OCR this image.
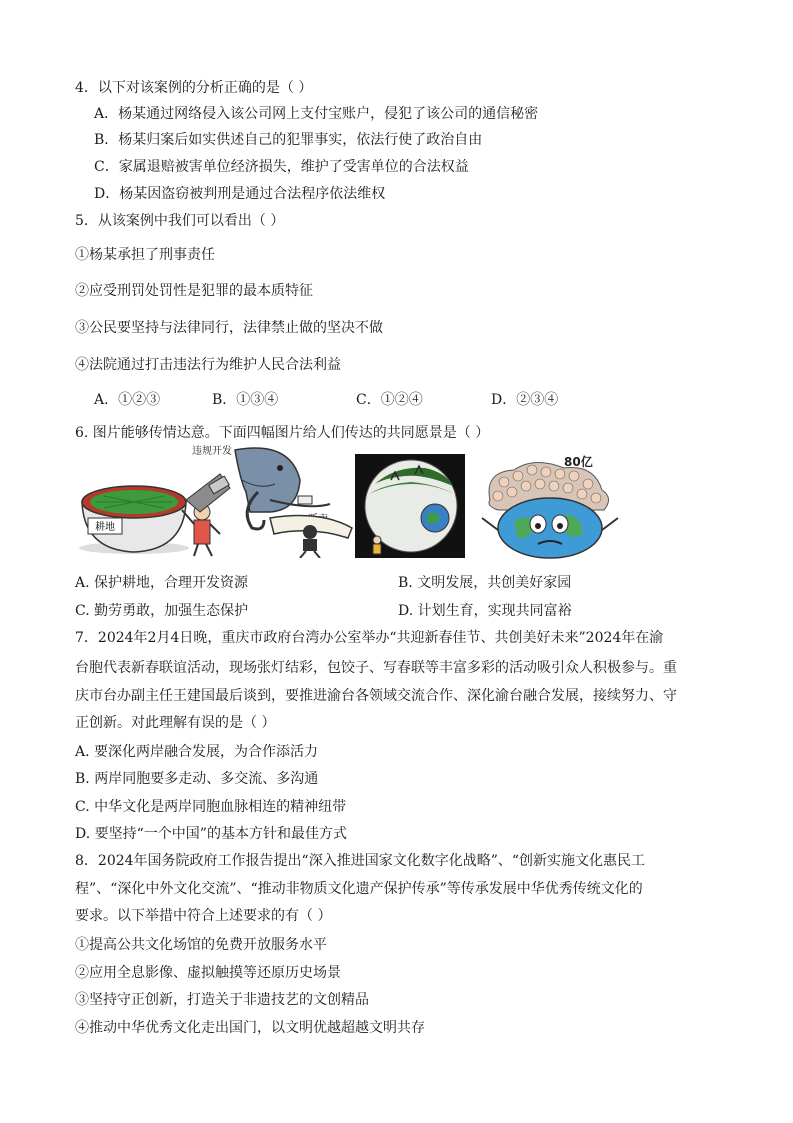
4．以下对该案例的分析正确的是（ ）
A．杨某通过网络侵入该公司网上支付宝账户，侵犯了该公司的通信秘密
B．杨某归案后如实供述自己的犯罪事实，依法行使了政治自由
C．家属退赔被害单位经济损失，维护了受害单位的合法权益
D．杨某因盗窃被判刑是通过合法程序依法维权
5．从该案例中我们可以看出（ ）
①杨某承担了刑事责任
②应受刑罚处罚性是犯罪的最本质特征
③公民要坚持与法律同行，法律禁止做的坚决不做
④法院通过打击违法行为维护人民合法利益
A．①②③	B．①③④	C．①②④	D．②③④
6. 图片能够传情达意。下面四幅图片给人们传达的共同愿景是（ ）
耕地
违规开发
80亿
A. 保护耕地，合理开发资源	B. 文明发展，共创美好家园
C. 勤劳勇敢，加强生态保护	D. 计划生育，实现共同富裕
7．2024年2月4日晚，重庆市政府台湾办公室举办“共迎新春佳节、共创美好未来”2024年在渝
台胞代表新春联谊活动，现场张灯结彩，包饺子、写春联等丰富多彩的活动吸引众人积极参与。重
庆市台办副主任王建国最后谈到，要推进渝台各领域交流合作、深化渝台融合发展，接续努力、守
正创新。对此理解有误的是（ ）
A. 要深化两岸融合发展，为合作添活力
B. 两岸同胞要多走动、多交流、多沟通
C. 中华文化是两岸同胞血脉相连的精神纽带
D. 要坚持“一个中国”的基本方针和最佳方式
8．2024年国务院政府工作报告提出“深入推进国家文化数字化战略”、“创新实施文化惠民工
程”、“深化中外文化交流”、“推动非物质文化遗产保护传承”等传承发展中华优秀传统文化的
要求。以下举措中符合上述要求的有（ ）
①提高公共文化场馆的免费开放服务水平
②应用全息影像、虚拟触摸等还原历史场景
③坚持守正创新，打造关于非遗技艺的文创精品
④推动中华优秀文化走出国门，以文明优越超越文明共存
